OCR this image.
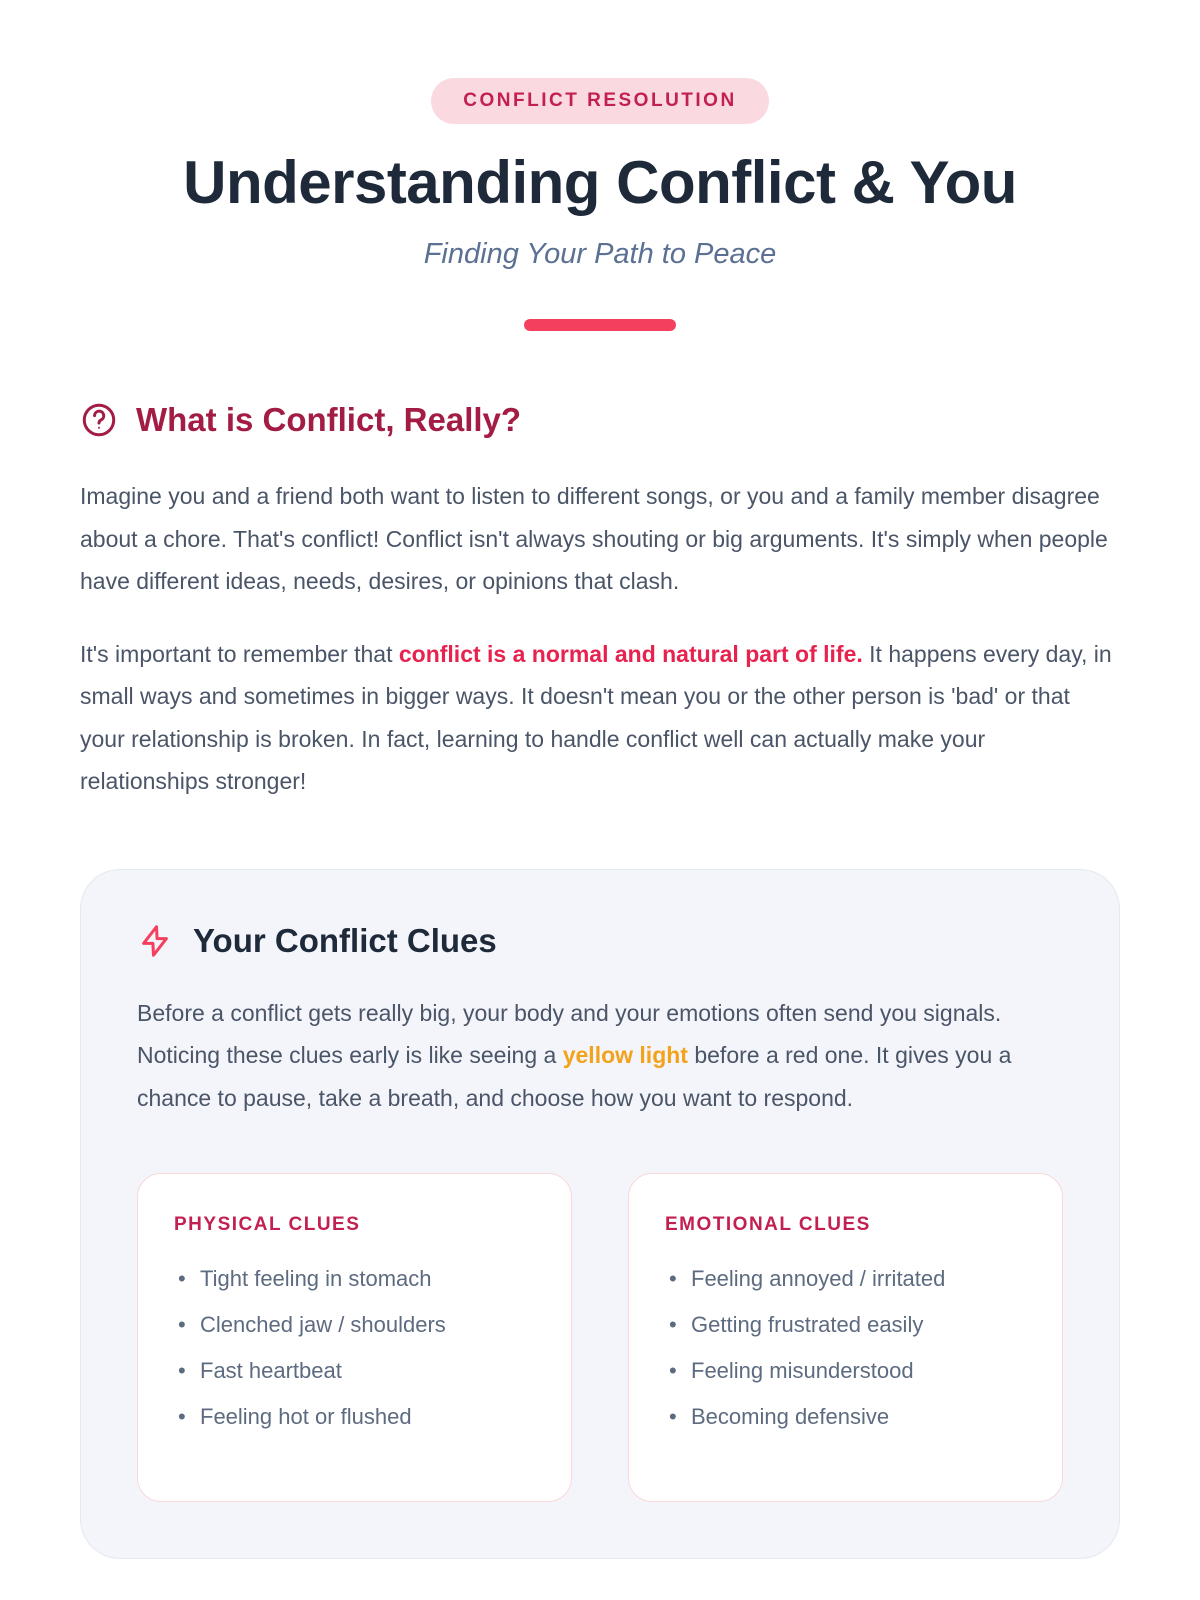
CONFLICT RESOLUTION
Understanding Conflict & You

Finding Your Path to Peace

What is Conflict, Really?

Imagine you and a friend both want to listen to different songs, or you and a family member disagree about a chore. That's conflict! Conflict isn't always shouting or big arguments. It's simply when people have different ideas, needs, desires, or opinions that clash.

It's important to remember that conflict is a normal and natural part of life. It happens every day, in small ways and sometimes in bigger ways. It doesn't mean you or the other person is 'bad' or that your relationship is broken. In fact, learning to handle conflict well can actually make your relationships stronger!

Your Conflict Clues

Before a conflict gets really big, your body and your emotions often send you signals. Noticing these clues early is like seeing a yellow light before a red one. It gives you a chance to pause, take a breath, and choose how you want to respond.

PHYSICAL CLUES
• Tight feeling in stomach
• Clenched jaw / shoulders
• Fast heartbeat
• Feeling hot or flushed
EMOTIONAL CLUES
• Feeling annoyed / irritated
• Getting frustrated easily
• Feeling misunderstood
• Becoming defensive
